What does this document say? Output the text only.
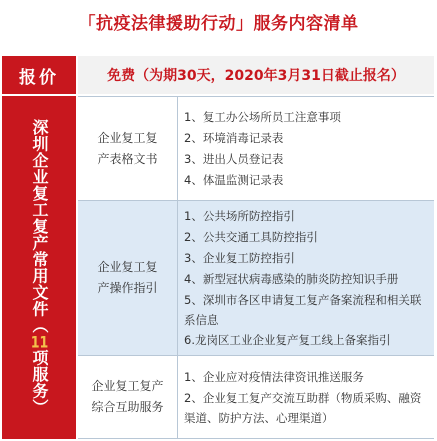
「抗疫法律援助行动」服务内容清单
报价	免费（为期30天，2020年3月31日截止报名）
深圳企业复工复产常用文件（11项服务）
企业复工复
产表格文书
1、复工办公场所员工注意事项
2、环境消毒记录表
3、进出人员登记表
4、体温监测记录表
企业复工复
产操作指引
1、公共场所防控指引
2、公共交通工具防控指引
3、企业复工防控指引
4、新型冠状病毒感染的肺炎防控知识手册
5、深圳市各区申请复工复产备案流程和相关联系信息
6.龙岗区工业企业复产复工线上备案指引
企业复工复产
综合互助服务
1、企业应对疫情法律资讯推送服务
2、企业复工复产交流互助群（物质采购、融资渠道、防护方法、心理渠道）
